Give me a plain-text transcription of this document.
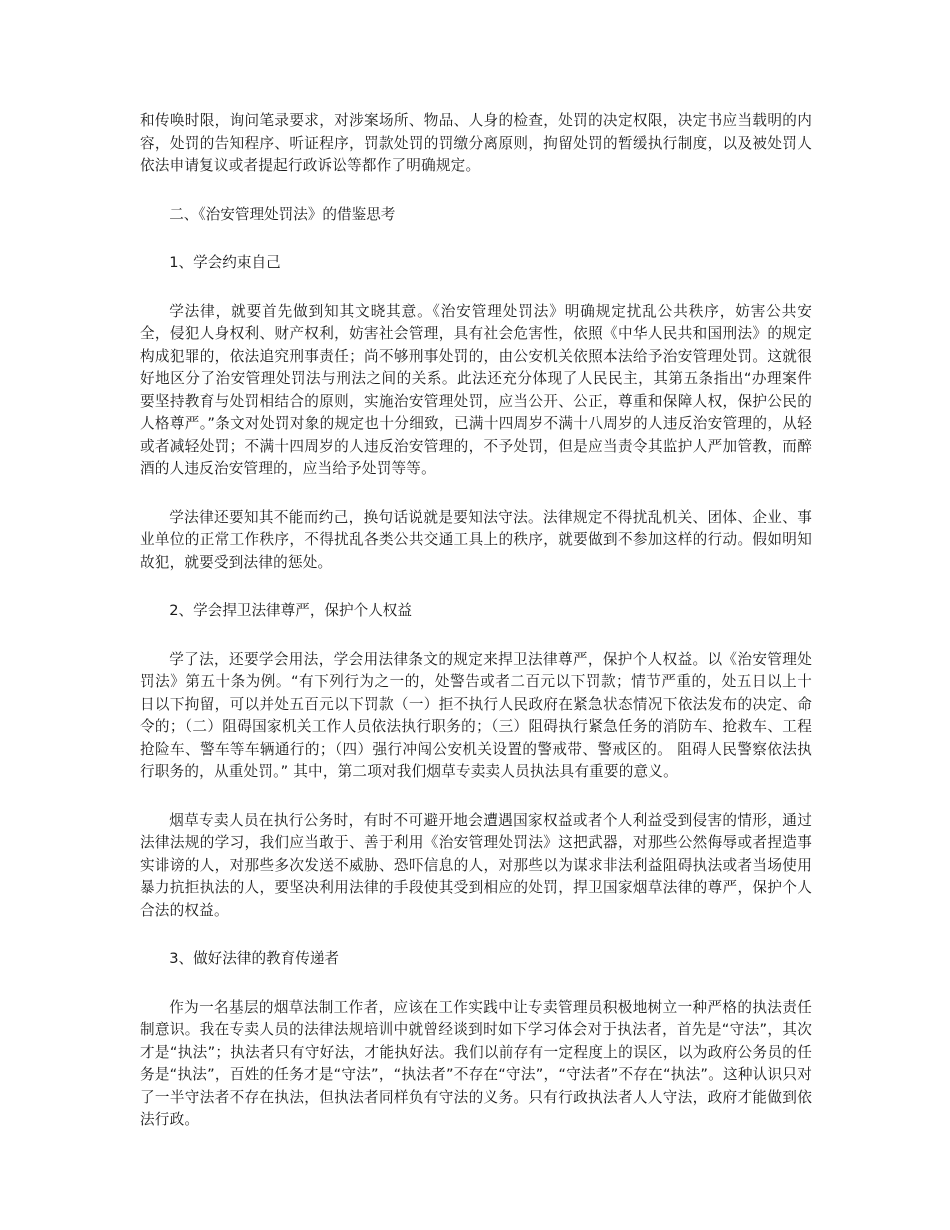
和传唤时限，询问笔录要求，对涉案场所、物品、人身的检查，处罚的决定权限，决定书应当载明的内容，处罚的告知程序、听证程序，罚款处罚的罚缴分离原则，拘留处罚的暂缓执行制度，以及被处罚人依法申请复议或者提起行政诉讼等都作了明确规定。

二、《治安管理处罚法》的借鉴思考

1、学会约束自己

学法律，就要首先做到知其文晓其意。《治安管理处罚法》明确规定扰乱公共秩序，妨害公共安全，侵犯人身权利、财产权利，妨害社会管理，具有社会危害性，依照《中华人民共和国刑法》的规定构成犯罪的，依法追究刑事责任；尚不够刑事处罚的，由公安机关依照本法给予治安管理处罚。这就很好地区分了治安管理处罚法与刑法之间的关系。此法还充分体现了人民民主，其第五条指出“办理案件要坚持教育与处罚相结合的原则，实施治安管理处罚，应当公开、公正，尊重和保障人权，保护公民的人格尊严。”条文对处罚对象的规定也十分细致，已满十四周岁不满十八周岁的人违反治安管理的，从轻或者减轻处罚；不满十四周岁的人违反治安管理的，不予处罚，但是应当责令其监护人严加管教，而醉酒的人违反治安管理的，应当给予处罚等等。

学法律还要知其不能而约己，换句话说就是要知法守法。法律规定不得扰乱机关、团体、企业、事业单位的正常工作秩序，不得扰乱各类公共交通工具上的秩序，就要做到不参加这样的行动。假如明知故犯，就要受到法律的惩处。

2、学会捍卫法律尊严，保护个人权益

学了法，还要学会用法，学会用法律条文的规定来捍卫法律尊严，保护个人权益。以《治安管理处罚法》第五十条为例。“有下列行为之一的，处警告或者二百元以下罚款；情节严重的，处五日以上十日以下拘留，可以并处五百元以下罚款（一）拒不执行人民政府在紧急状态情况下依法发布的决定、命令的；（二）阻碍国家机关工作人员依法执行职务的；（三）阻碍执行紧急任务的消防车、抢救车、工程抢险车、警车等车辆通行的；（四）强行冲闯公安机关设置的警戒带、警戒区的。 阻碍人民警察依法执行职务的，从重处罚。” 其中，第二项对我们烟草专卖卖人员执法具有重要的意义。

烟草专卖人员在执行公务时，有时不可避开地会遭遇国家权益或者个人利益受到侵害的情形，通过法律法规的学习，我们应当敢于、善于利用《治安管理处罚法》这把武器，对那些公然侮辱或者捏造事实诽谤的人，对那些多次发送不威胁、恐吓信息的人，对那些以为谋求非法利益阻碍执法或者当场使用暴力抗拒执法的人，要坚决利用法律的手段使其受到相应的处罚，捍卫国家烟草法律的尊严，保护个人合法的权益。

3、做好法律的教育传递者

作为一名基层的烟草法制工作者，应该在工作实践中让专卖管理员积极地树立一种严格的执法责任制意识。我在专卖人员的法律法规培训中就曾经谈到时如下学习体会对于执法者，首先是“守法”，其次才是“执法”；执法者只有守好法，才能执好法。我们以前存有一定程度上的误区，以为政府公务员的任务是“执法”，百姓的任务才是“守法”，“执法者”不存在“守法”，“守法者”不存在“执法”。这种认识只对了一半守法者不存在执法，但执法者同样负有守法的义务。只有行政执法者人人守法，政府才能做到依法行政。
